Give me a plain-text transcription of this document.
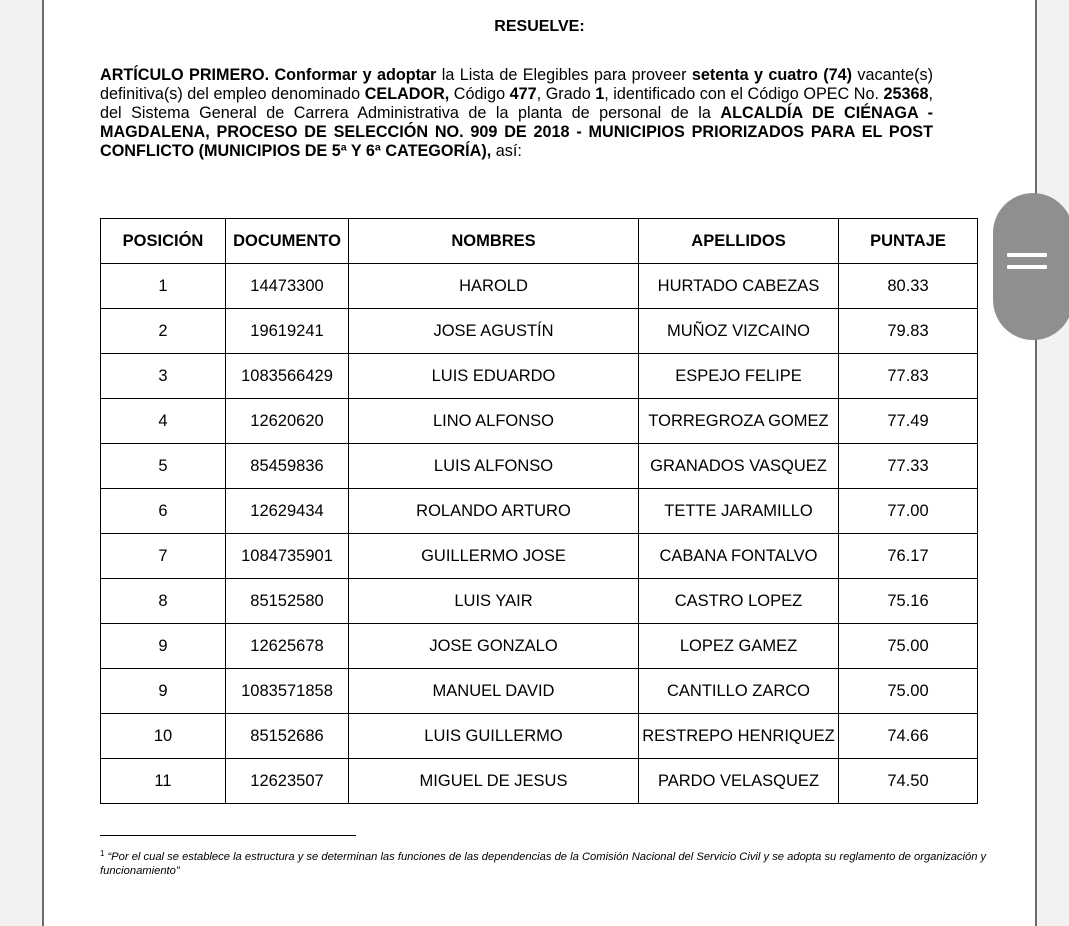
RESUELVE:
ARTÍCULO PRIMERO. Conformar y adoptar la Lista de Elegibles para proveer setenta y cuatro (74) vacante(s) definitiva(s) del empleo denominado CELADOR, Código 477, Grado 1, identificado con el Código OPEC No. 25368, del Sistema General de Carrera Administrativa de la planta de personal de la ALCALDÍA DE CIÉNAGA - MAGDALENA, PROCESO DE SELECCIÓN NO. 909 DE 2018 - MUNICIPIOS PRIORIZADOS PARA EL POST CONFLICTO (MUNICIPIOS DE 5ª Y 6ª CATEGORÍA), así:
POSICIÓN	DOCUMENTO	NOMBRES	APELLIDOS	PUNTAJE
1	14473300	HAROLD	HURTADO CABEZAS	80.33
2	19619241	JOSE AGUSTÍN	MUÑOZ VIZCAINO	79.83
3	1083566429	LUIS EDUARDO	ESPEJO FELIPE	77.83
4	12620620	LINO ALFONSO	TORREGROZA GOMEZ	77.49
5	85459836	LUIS ALFONSO	GRANADOS VASQUEZ	77.33
6	12629434	ROLANDO ARTURO	TETTE JARAMILLO	77.00
7	1084735901	GUILLERMO JOSE	CABANA FONTALVO	76.17
8	85152580	LUIS YAIR	CASTRO LOPEZ	75.16
9	12625678	JOSE GONZALO	LOPEZ GAMEZ	75.00
9	1083571858	MANUEL DAVID	CANTILLO ZARCO	75.00
10	85152686	LUIS GUILLERMO	RESTREPO HENRIQUEZ	74.66
11	12623507	MIGUEL DE JESUS	PARDO VELASQUEZ	74.50
$^1$ “Por el cual se establece la estructura y se determinan las funciones de las dependencias de la Comisión Nacional del Servicio Civil y se adopta su reglamento de organización y funcionamiento”
